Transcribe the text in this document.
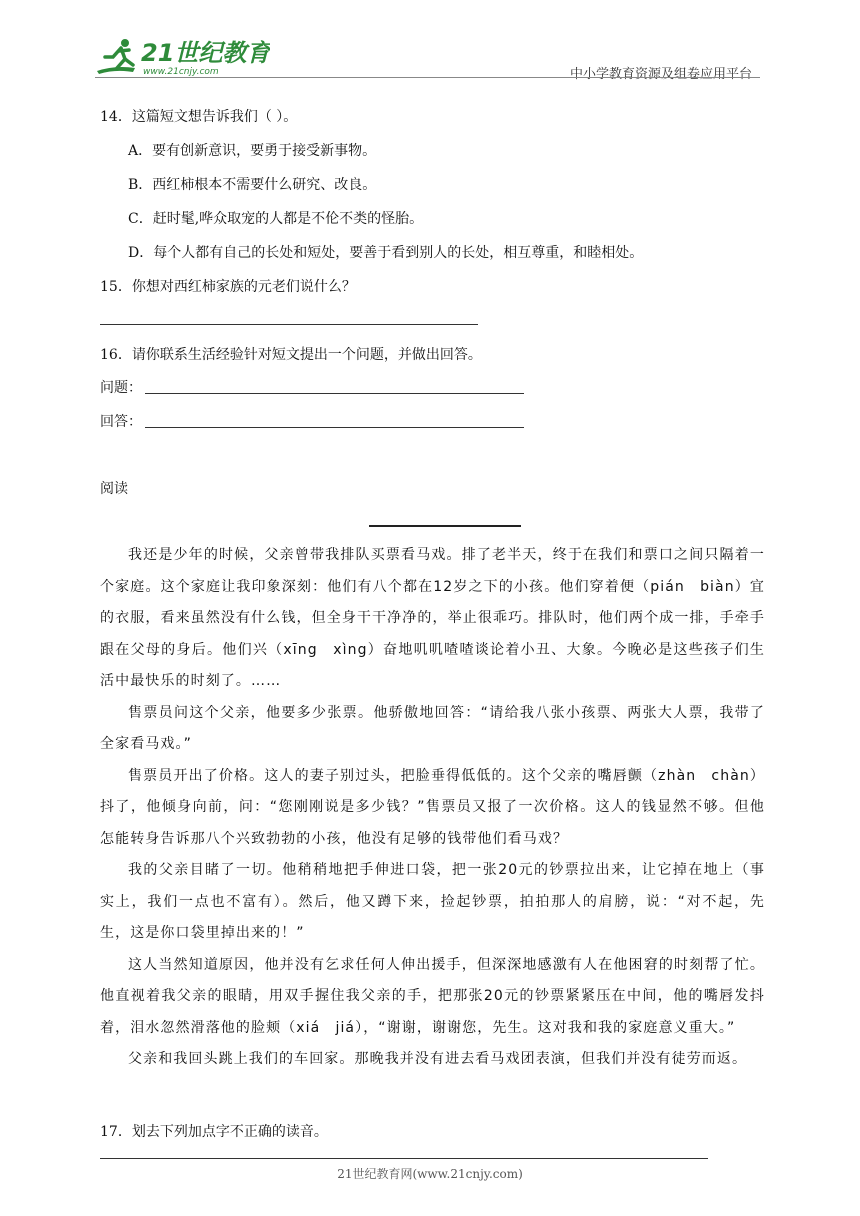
21世纪教育
www.21cnjy.com	中小学教育资源及组卷应用平台
14．这篇短文想告诉我们（ ）。
A．要有创新意识，要勇于接受新事物。
B．西红柿根本不需要什么研究、改良。
C．赶时髦,哗众取宠的人都是不伦不类的怪胎。
D．每个人都有自己的长处和短处，要善于看到别人的长处，相互尊重，和睦相处。
15．你想对西红柿家族的元老们说什么？
16．请你联系生活经验针对短文提出一个问题，并做出回答。
问题：
回答：
阅读

我还是少年的时候，父亲曾带我排队买票看马戏。排了老半天，终于在我们和票口之间只隔着一个家庭。这个家庭让我印象深刻：他们有八个都在12岁之下的小孩。他们穿着便（pián　biàn）宜的衣服，看来虽然没有什么钱，但全身干干净净的，举止很乖巧。排队时，他们两个成一排，手牵手跟在父母的身后。他们兴（xīng　xìng）奋地叽叽喳喳谈论着小丑、大象。今晚必是这些孩子们生活中最快乐的时刻了。……

售票员问这个父亲，他要多少张票。他骄傲地回答：“请给我八张小孩票、两张大人票，我带了全家看马戏。”

售票员开出了价格。这人的妻子别过头，把脸垂得低低的。这个父亲的嘴唇颤（zhàn　chàn）抖了，他倾身向前，问：“您刚刚说是多少钱？”售票员又报了一次价格。这人的钱显然不够。但他怎能转身告诉那八个兴致勃勃的小孩，他没有足够的钱带他们看马戏？

我的父亲目睹了一切。他稍稍地把手伸进口袋，把一张20元的钞票拉出来，让它掉在地上（事实上，我们一点也不富有）。然后，他又蹲下来，捡起钞票，拍拍那人的肩膀，说：“对不起，先生，这是你口袋里掉出来的！”

这人当然知道原因，他并没有乞求任何人伸出援手，但深深地感激有人在他困窘的时刻帮了忙。他直视着我父亲的眼睛，用双手握住我父亲的手，把那张20元的钞票紧紧压在中间，他的嘴唇发抖着，泪水忽然滑落他的脸颊（xiá　jiá），“谢谢，谢谢您，先生。这对我和我的家庭意义重大。”

父亲和我回头跳上我们的车回家。那晚我并没有进去看马戏团表演，但我们并没有徒劳而返。

17．划去下列加点字不正确的读音。
21世纪教育网(www.21cnjy.com)
